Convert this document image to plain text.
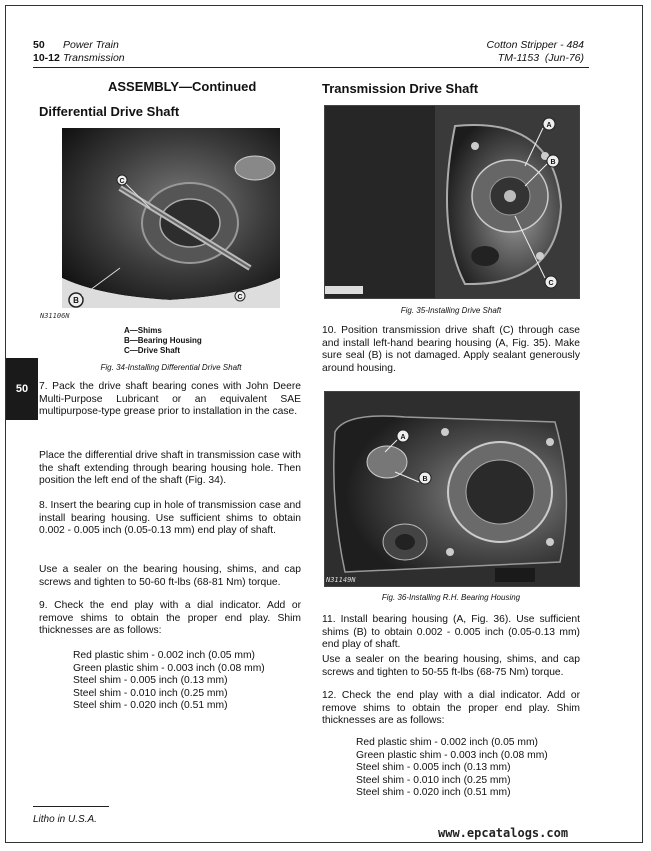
50 Power Train
10-12 Transmission
Cotton Stripper - 484
TM-1153 (Jun-76)
50
ASSEMBLY—Continued
Differential Drive Shaft
C
B	C
N31106N
A—Shims
B—Bearing Housing
C—Drive Shaft
Fig. 34-Installing Differential Drive Shaft
7. Pack the drive shaft bearing cones with John Deere Multi-Purpose Lubricant or an equivalent SAE multipurpose-type grease prior to installation in the case.
Place the differential drive shaft in transmission case with the shaft extending through bearing housing hole. Then position the left end of the shaft (Fig. 34).
8. Insert the bearing cup in hole of transmission case and install bearing housing. Use sufficient shims to obtain 0.002 - 0.005 inch (0.05-0.13 mm) end play of shaft.
Use a sealer on the bearing housing, shims, and cap screws and tighten to 50-60 ft-lbs (68-81 Nm) torque.
9. Check the end play with a dial indicator. Add or remove shims to obtain the proper end play. Shim thicknesses are as follows:
Red plastic shim - 0.002 inch (0.05 mm)
Green plastic shim - 0.003 inch (0.08 mm)
Steel shim - 0.005 inch (0.13 mm)
Steel shim - 0.010 inch (0.25 mm)
Steel shim - 0.020 inch (0.51 mm)
Transmission Drive Shaft
A
B
C
Fig. 35-Installing Drive Shaft
10. Position transmission drive shaft (C) through case and install left-hand bearing housing (A, Fig. 35). Make sure seal (B) is not damaged. Apply sealant generously around housing.
A
B
N31149N
Fig. 36-Installing R.H. Bearing Housing
11. Install bearing housing (A, Fig. 36). Use sufficient shims (B) to obtain 0.002 - 0.005 inch (0.05-0.13 mm) end play of shaft.
Use a sealer on the bearing housing, shims, and cap screws and tighten to 50-55 ft-lbs (68-75 Nm) torque.
12. Check the end play with a dial indicator. Add or remove shims to obtain the proper end play. Shim thicknesses are as follows:
Red plastic shim - 0.002 inch (0.05 mm)
Green plastic shim - 0.003 inch (0.08 mm)
Steel shim - 0.005 inch (0.13 mm)
Steel shim - 0.010 inch (0.25 mm)
Steel shim - 0.020 inch (0.51 mm)
Litho in U.S.A.
www.epcatalogs.com
